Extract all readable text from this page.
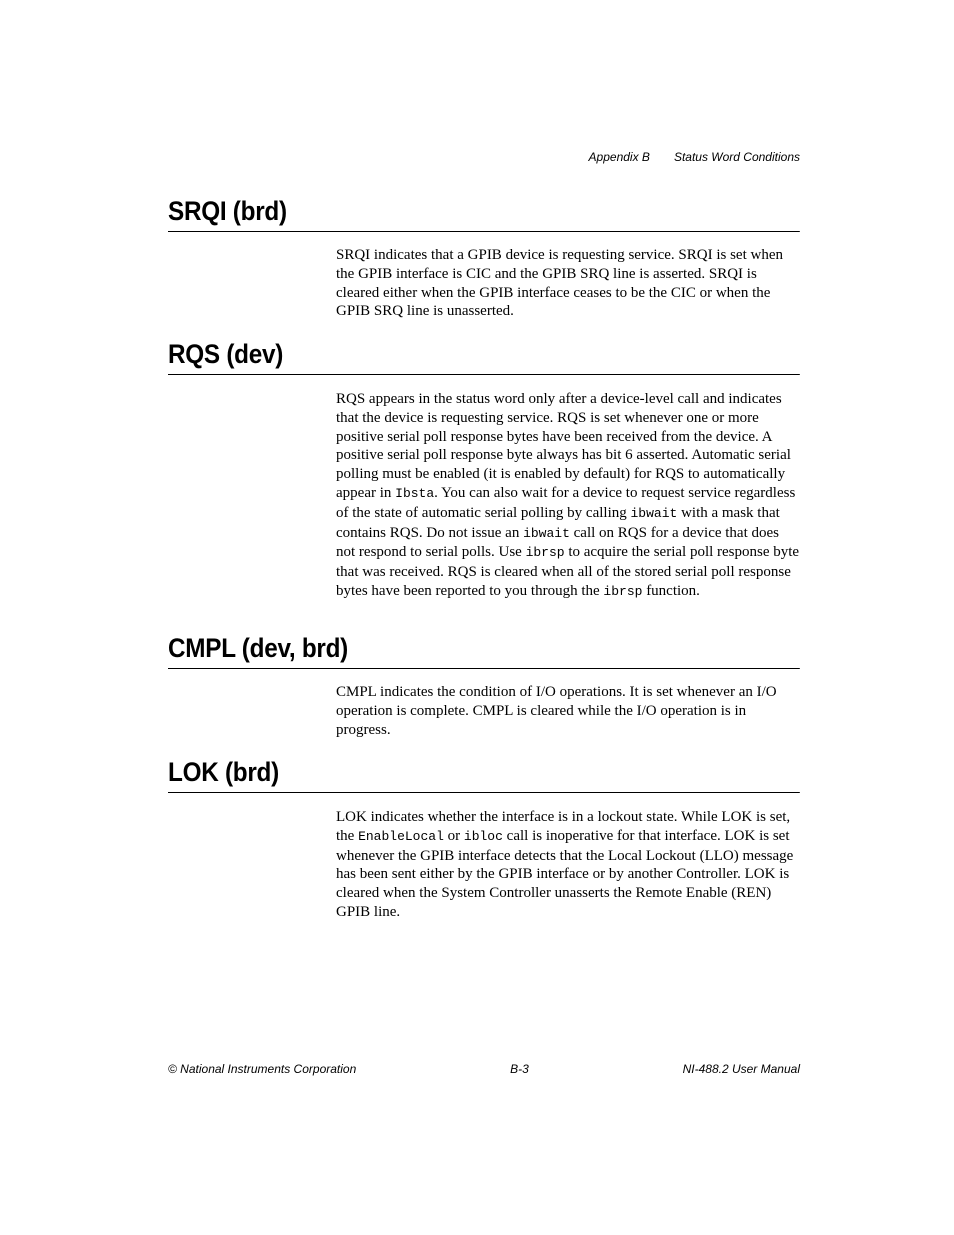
Appendix B Status Word Conditions
SRQI (brd)

SRQI indicates that a GPIB device is requesting service. SRQI is set when the GPIB interface is CIC and the GPIB SRQ line is asserted. SRQI is cleared either when the GPIB interface ceases to be the CIC or when the GPIB SRQ line is unasserted.

RQS (dev)

RQS appears in the status word only after a device-level call and indicates that the device is requesting service. RQS is set whenever one or more positive serial poll response bytes have been received from the device. A positive serial poll response byte always has bit 6 asserted. Automatic serial polling must be enabled (it is enabled by default) for RQS to automatically appear in Ibsta. You can also wait for a device to request service regardless of the state of automatic serial polling by calling ibwait with a mask that contains RQS. Do not issue an ibwait call on RQS for a device that does not respond to serial polls. Use ibrsp to acquire the serial poll response byte that was received. RQS is cleared when all of the stored serial poll response bytes have been reported to you through the ibrsp function.

CMPL (dev, brd)

CMPL indicates the condition of I/O operations. It is set whenever an I/O operation is complete. CMPL is cleared while the I/O operation is in progress.

LOK (brd)

LOK indicates whether the interface is in a lockout state. While LOK is set, the EnableLocal or ibloc call is inoperative for that interface. LOK is set whenever the GPIB interface detects that the Local Lockout (LLO) message has been sent either by the GPIB interface or by another Controller. LOK is cleared when the System Controller unasserts the Remote Enable (REN) GPIB line.

© National Instruments Corporation	B-3	NI-488.2 User Manual
